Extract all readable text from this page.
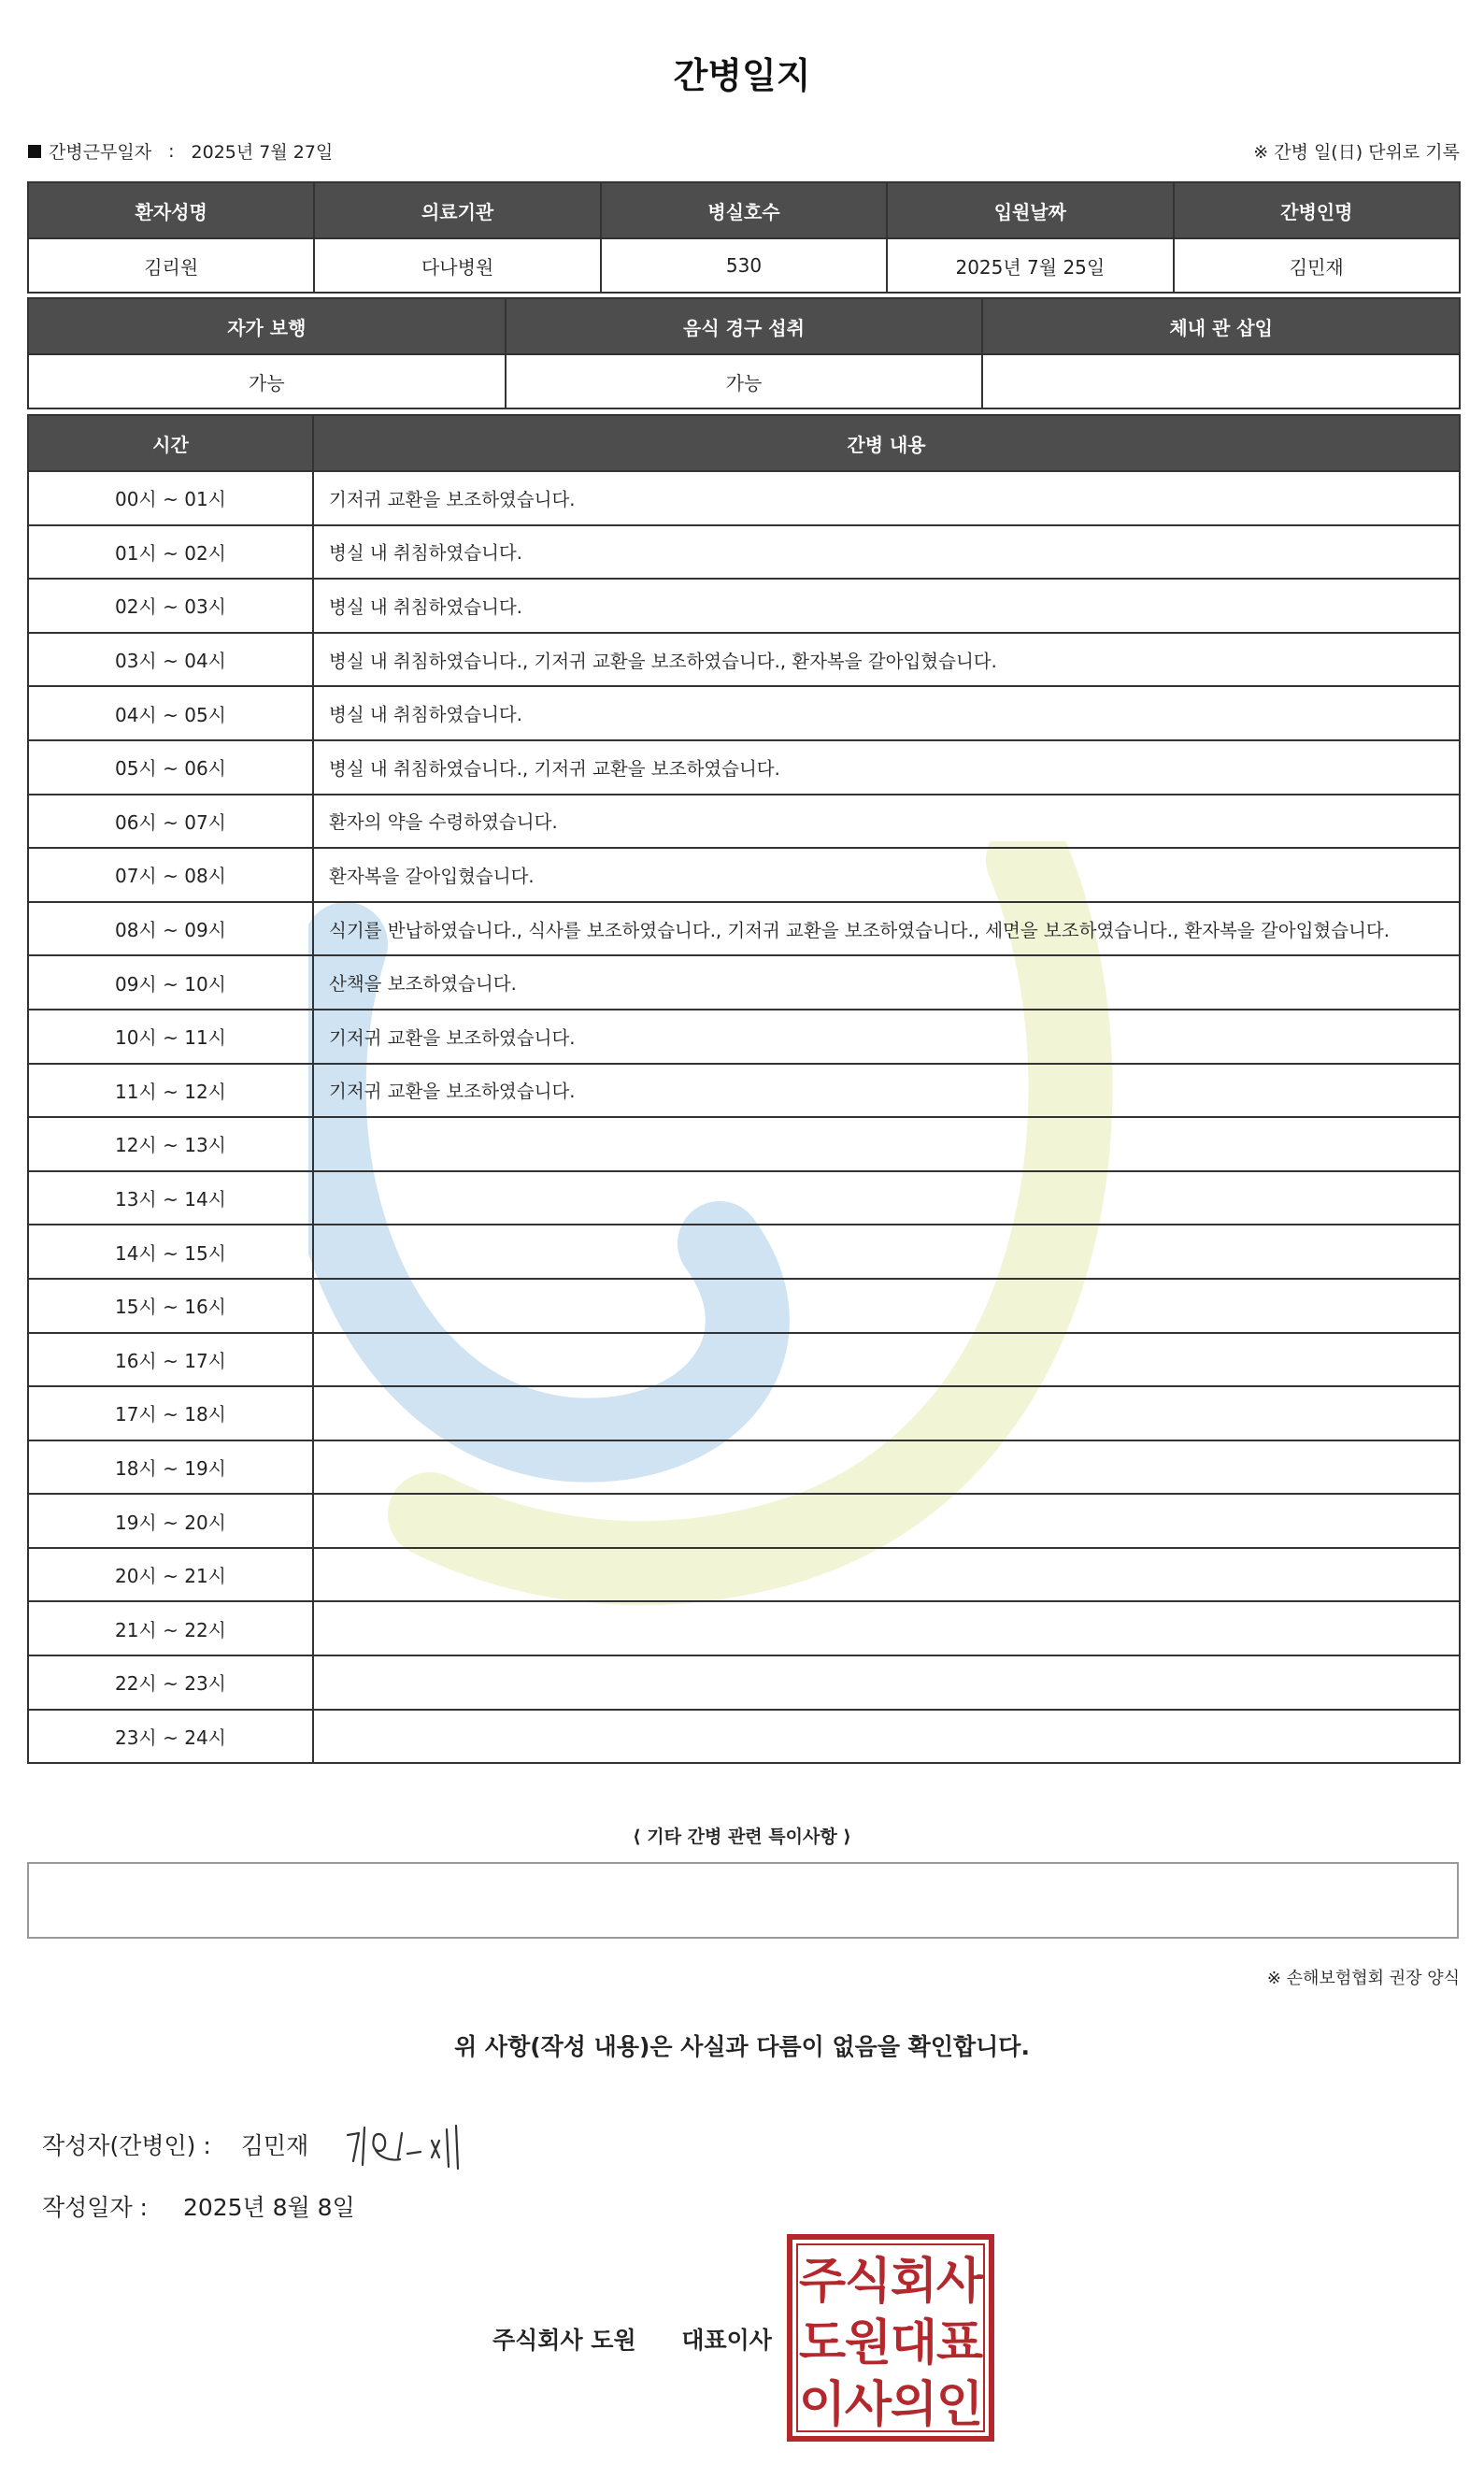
간병일지
간병근무일자 : 2025년 7월 27일	※ 간병 일(日) 단위로 기록
환자성명	의료기관	병실호수	입원날짜	간병인명
김리원	다나병원	530	2025년 7월 25일	김민재
자가 보행	음식 경구 섭취	체내 관 삽입
가능	가능	
시간	간병 내용
00시 ~ 01시	기저귀 교환을 보조하였습니다.
01시 ~ 02시	병실 내 취침하였습니다.
02시 ~ 03시	병실 내 취침하였습니다.
03시 ~ 04시	병실 내 취침하였습니다., 기저귀 교환을 보조하였습니다., 환자복을 갈아입혔습니다.
04시 ~ 05시	병실 내 취침하였습니다.
05시 ~ 06시	병실 내 취침하였습니다., 기저귀 교환을 보조하였습니다.
06시 ~ 07시	환자의 약을 수령하였습니다.
07시 ~ 08시	환자복을 갈아입혔습니다.
08시 ~ 09시	식기를 반납하였습니다., 식사를 보조하였습니다., 기저귀 교환을 보조하였습니다., 세면을 보조하였습니다., 환자복을 갈아입혔습니다.
09시 ~ 10시	산책을 보조하였습니다.
10시 ~ 11시	기저귀 교환을 보조하였습니다.
11시 ~ 12시	기저귀 교환을 보조하였습니다.
12시 ~ 13시	
13시 ~ 14시	
14시 ~ 15시	
15시 ~ 16시	
16시 ~ 17시	
17시 ~ 18시	
18시 ~ 19시	
19시 ~ 20시	
20시 ~ 21시	
21시 ~ 22시	
22시 ~ 23시	
23시 ~ 24시	
⟨ 기타 간병 관련 특이사항 ⟩
※ 손해보험협회 권장 양식
위 사항(작성 내용)은 사실과 다름이 없음을 확인합니다.
작성자(간병인) : 김민재
작성일자 : 2025년 8월 8일
주식회사 도원 대표이사
주
식
회
사
도
원
대
표
이
사
의
인
